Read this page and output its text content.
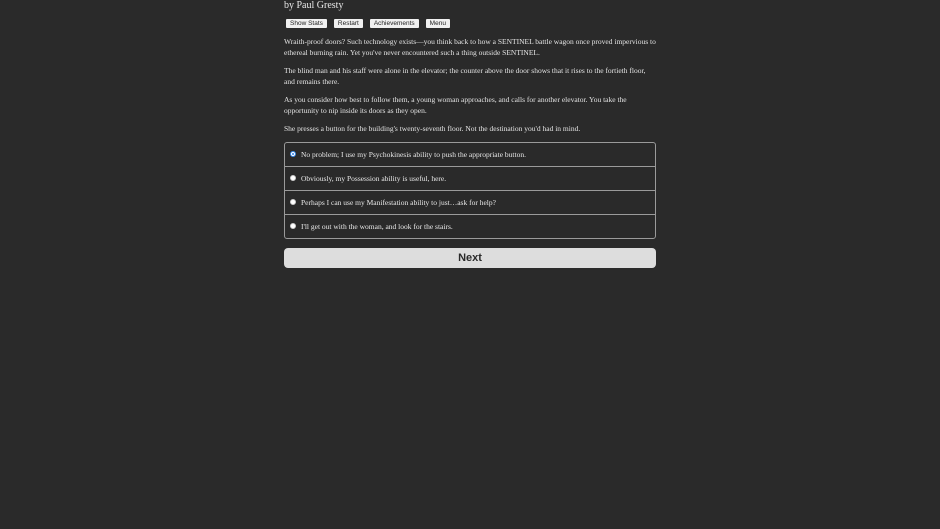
by Paul Gresty
Show Stats	Restart	Achievements	Menu

Wraith-proof doors? Such technology exists—you think back to how a SENTINEL battle wagon once proved impervious to ethereal burning rain. Yet you've never encountered such a thing outside SENTINEL.

The blind man and his staff were alone in the elevator; the counter above the door shows that it rises to the fortieth floor, and remains there.

As you consider how best to follow them, a young woman approaches, and calls for another elevator. You take the opportunity to nip inside its doors as they open.

She presses a button for the building's twenty-seventh floor. Not the destination you'd had in mind.

No problem; I use my Psychokinesis ability to push the appropriate button.
Obviously, my Possession ability is useful, here.
Perhaps I can use my Manifestation ability to just…ask for help?
I'll get out with the woman, and look for the stairs.
Next
